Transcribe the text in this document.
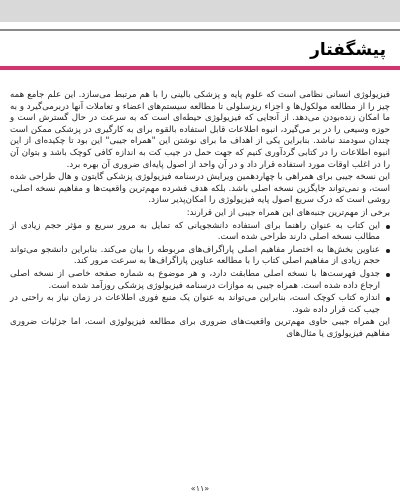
پیشگفتار

فیزیولوژی انسانی نظامی است که علوم پایه و پزشکی بالینی را با هم مرتبط می‌سازد. این علم جامع همه چیز را از مطالعه مولکول‌ها و اجزاء ریزسلولی تا مطالعه سیستم‌های اعضاء و تعاملات آنها در‌برمی‌گیرد و به ما امکان زنده‌بودن می‌دهد. از آنجایی که فیزیولوژی حیطه‌ای است که به سرعت در حال گسترش است و حوزه وسیعی را در بر می‌گیرد، انبوه اطلاعات قابل استفاده بالقوه برای به کارگیری در پزشکی ممکن است چندان سودمند نباشد. بنابراین یکی از اهداف ما برای نوشتن این "همراه جیبی" این بود تا چکیده‌ای از این انبوه اطلاعات را در کتابی گردآوری کنیم که جهت حمل در جیب کت به اندازه کافی کوچک باشد و بتوان آن را در اغلب اوقات مورد استفاده قرار داد و در آن واحد از اصول پایه‌ای ضروری آن بهره برد.

این نسخه جیبی برای همراهی با چهاردهمین ویرایش درسنامه فیزیولوژی پزشکی گایتون و هال طراحی شده است، و نمی‌تواند جایگزین نسخه اصلی باشد. بلکه هدف فشرده مهم‌ترین واقعیت‌ها و مفاهیم نسخه اصلی، روشی است که درک سریع اصول پایه فیزیولوژی را امکان‌پذیر سازد.

برخی از مهم‌ترین جنبه‌های این همراه جیبی از این قرارند:

این کتاب به عنوان راهنما برای استفاده دانشجویانی که تمایل به مرور سریع و مؤثر حجم زیادی از مطالب نسخه اصلی دارند طراحی شده است.
عناوین بخش‌ها به اختصار مفاهیم اصلی پاراگراف‌های مربوطه را بیان می‌کند. بنابراین دانشجو می‌تواند حجم زیادی از مفاهیم اصلی کتاب را با مطالعه عناوین پاراگراف‌ها به سرعت مرور کند.
جدول فهرست‌ها با نسخه اصلی مطابقت دارد، و هر موضوع به شماره صفحه خاصی از نسخه اصلی ارجاع داده شده است. همراه جیبی به موازات درسنامه فیزیولوژی پزشکی روزآمد شده است.
اندازه کتاب کوچک است، بنابراین می‌تواند به عنوان یک منبع فوری اطلاعات در زمان نیاز به راحتی در جیب کت قرار داده شود.

این همراه جیبی حاوی مهم‌ترین واقعیت‌های ضروری برای مطالعه فیزیولوژی است، اما جزئیات ضروری مفاهیم فیزیولوژی یا مثال‌های

«۱۱»
